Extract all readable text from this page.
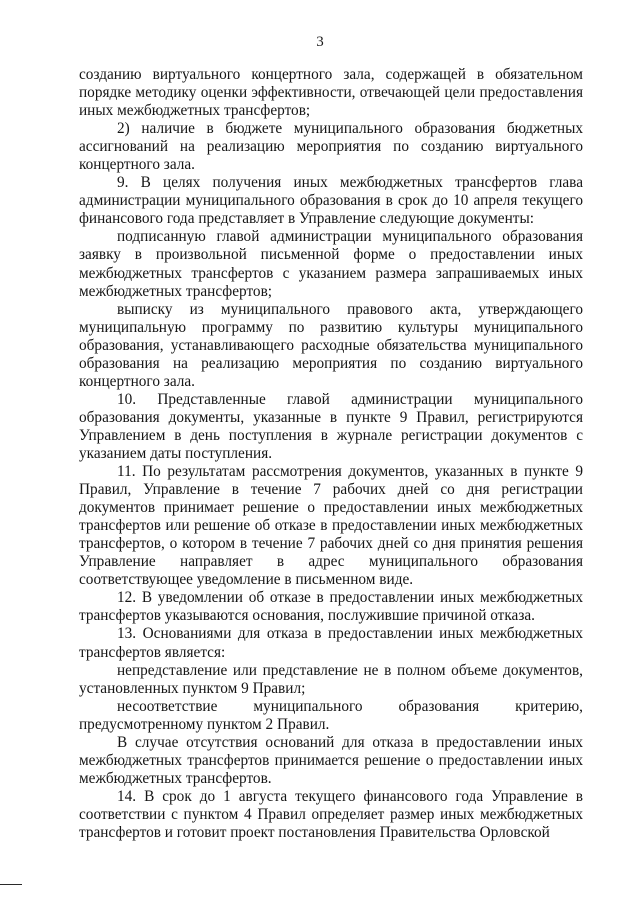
3

созданию виртуального концертного зала, содержащей в обязательном порядке методику оценки эффективности, отвечающей цели предоставления иных межбюджетных трансфертов;

2) наличие в бюджете муниципального образования бюджетных ассигнований на реализацию мероприятия по созданию виртуального концертного зала.

9. В целях получения иных межбюджетных трансфертов глава администрации муниципального образования в срок до 10 апреля текущего финансового года представляет в Управление следующие документы:

подписанную главой администрации муниципального образования заявку в произвольной письменной форме о предоставлении иных межбюджетных трансфертов с указанием размера запрашиваемых иных межбюджетных трансфертов;

выписку из муниципального правового акта, утверждающего муниципальную программу по развитию культуры муниципального образования, устанавливающего расходные обязательства муниципального образования на реализацию мероприятия по созданию виртуального концертного зала.

10. Представленные главой администрации муниципального образования документы, указанные в пункте 9 Правил, регистрируются Управлением в день поступления в журнале регистрации документов с указанием даты поступления.

11. По результатам рассмотрения документов, указанных в пункте 9 Правил, Управление в течение 7 рабочих дней со дня регистрации документов принимает решение о предоставлении иных межбюджетных трансфертов или решение об отказе в предоставлении иных межбюджетных трансфертов, о котором в течение 7 рабочих дней со дня принятия решения Управление направляет в адрес муниципального образования соответствующее уведомление в письменном виде.

12. В уведомлении об отказе в предоставлении иных межбюджетных трансфертов указываются основания, послужившие причиной отказа.

13. Основаниями для отказа в предоставлении иных межбюджетных трансфертов является:

непредставление или представление не в полном объеме документов, установленных пунктом 9 Правил;

несоответствие муниципального образования критерию, предусмотренному пунктом 2 Правил.

В случае отсутствия оснований для отказа в предоставлении иных межбюджетных трансфертов принимается решение о предоставлении иных межбюджетных трансфертов.

14. В срок до 1 августа текущего финансового года Управление в соответствии с пунктом 4 Правил определяет размер иных межбюджетных трансфертов и готовит проект постановления Правительства Орловской
